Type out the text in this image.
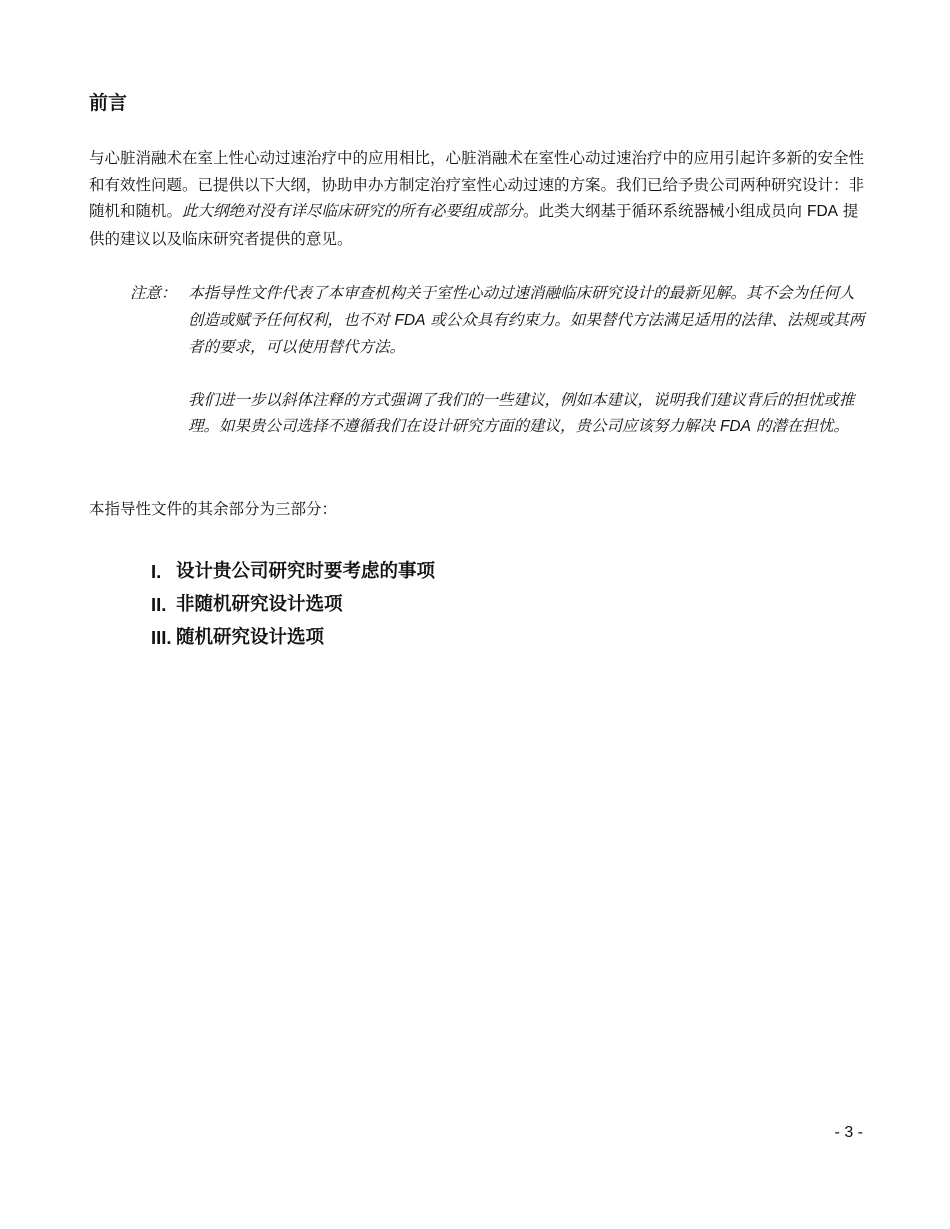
前言

与心脏消融术在室上性心动过速治疗中的应用相比，心脏消融术在室性心动过速治疗中的应用引起许多新的安全性和有效性问题。已提供以下大纲，协助申办方制定治疗室性心动过速的方案。我们已给予贵公司两种研究设计：非随机和随机。此大纲绝对没有详尽临床研究的所有必要组成部分。此类大纲基于循环系统器械小组成员向 FDA 提供的建议以及临床研究者提供的意见。

注意： 本指导性文件代表了本审查机构关于室性心动过速消融临床研究设计的最新见解。其不会为任何人创造或赋予任何权利，也不对 FDA 或公众具有约束力。如果替代方法满足适用的法律、法规或其两者的要求，可以使用替代方法。
我们进一步以斜体注释的方式强调了我们的一些建议，例如本建议，说明我们建议背后的担忧或推理。如果贵公司选择不遵循我们在设计研究方面的建议，贵公司应该努力解决 FDA 的潜在担忧。

本指导性文件的其余部分为三部分：

I. 设计贵公司研究时要考虑的事项
II. 非随机研究设计选项
III. 随机研究设计选项
- 3 -
